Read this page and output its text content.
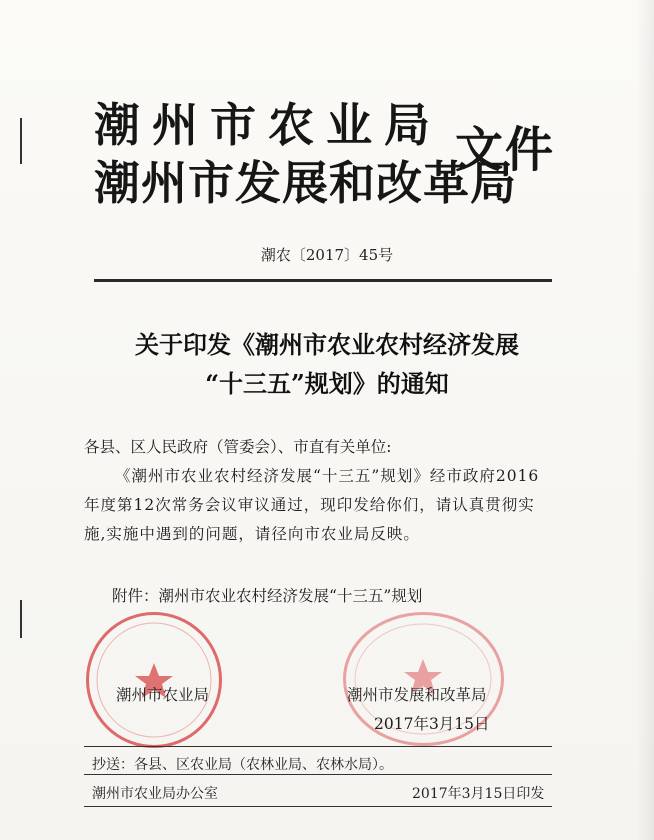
潮州市农业局
潮州市发展和改革局
文件
潮农〔2017〕45号
关于印发《潮州市农业农村经济发展
“十三五”规划》的通知
各县、区人民政府（管委会）、市直有关单位:
《潮州市农业农村经济发展“十三五”规划》经市政府2016年度第12次常务会议审议通过，现印发给你们，请认真贯彻实施,实施中遇到的问题，请径向市农业局反映。
附件：潮州市农业农村经济发展“十三五”规划
潮州市农业局	潮州市发展和改革局
2017年3月15日
抄送：各县、区农业局（农林业局、农林水局）。
潮州市农业局办公室	2017年3月15日印发
